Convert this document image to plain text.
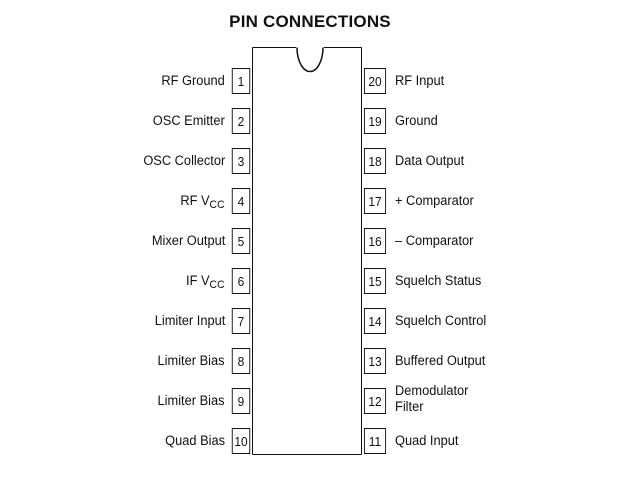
PIN CONNECTIONS
1
RF Ground
2
OSC Emitter
3
OSC Collector
4
RF $V_{CC}$
5
Mixer Output
6
IF $V_{CC}$
7
Limiter Input
8
Limiter Bias
9
Limiter Bias
10
Quad Bias
20 RF Input
19 Ground
18 Data Output
17 + Comparator
16 – Comparator
15 Squelch Status
14 Squelch Control
13 Buffered Output
12
Demodulator Filter
11	Quad Input
